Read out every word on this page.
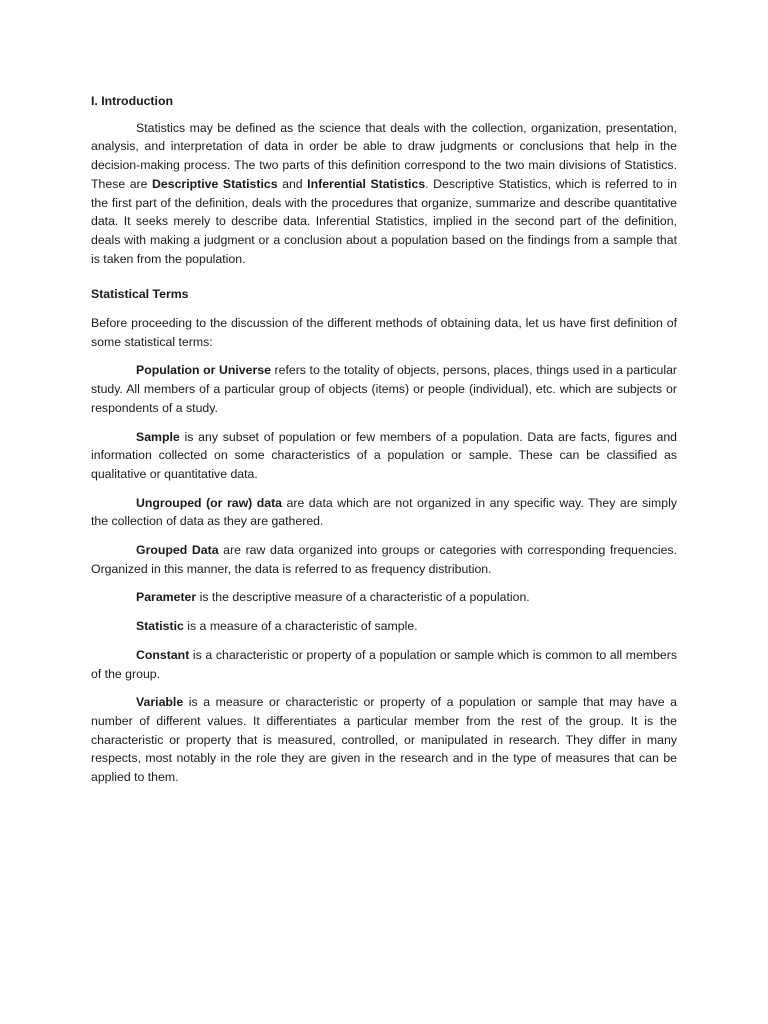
I. Introduction

Statistics may be defined as the science that deals with the collection, organization, presentation, analysis, and interpretation of data in order be able to draw judgments or conclusions that help in the decision-making process. The two parts of this definition correspond to the two main divisions of Statistics. These are Descriptive Statistics and Inferential Statistics. Descriptive Statistics, which is referred to in the first part of the definition, deals with the procedures that organize, summarize and describe quantitative data. It seeks merely to describe data. Inferential Statistics, implied in the second part of the definition, deals with making a judgment or a conclusion about a population based on the findings from a sample that is taken from the population.

Statistical Terms

Before proceeding to the discussion of the different methods of obtaining data, let us have first definition of some statistical terms:

Population or Universe refers to the totality of objects, persons, places, things used in a particular study. All members of a particular group of objects (items) or people (individual), etc. which are subjects or respondents of a study.

Sample is any subset of population or few members of a population. Data are facts, figures and information collected on some characteristics of a population or sample. These can be classified as qualitative or quantitative data.

Ungrouped (or raw) data are data which are not organized in any specific way. They are simply the collection of data as they are gathered.

Grouped Data are raw data organized into groups or categories with corresponding frequencies. Organized in this manner, the data is referred to as frequency distribution.

Parameter is the descriptive measure of a characteristic of a population.

Statistic is a measure of a characteristic of sample.

Constant is a characteristic or property of a population or sample which is common to all members of the group.

Variable is a measure or characteristic or property of a population or sample that may have a number of different values. It differentiates a particular member from the rest of the group. It is the characteristic or property that is measured, controlled, or manipulated in research. They differ in many respects, most notably in the role they are given in the research and in the type of measures that can be applied to them.
